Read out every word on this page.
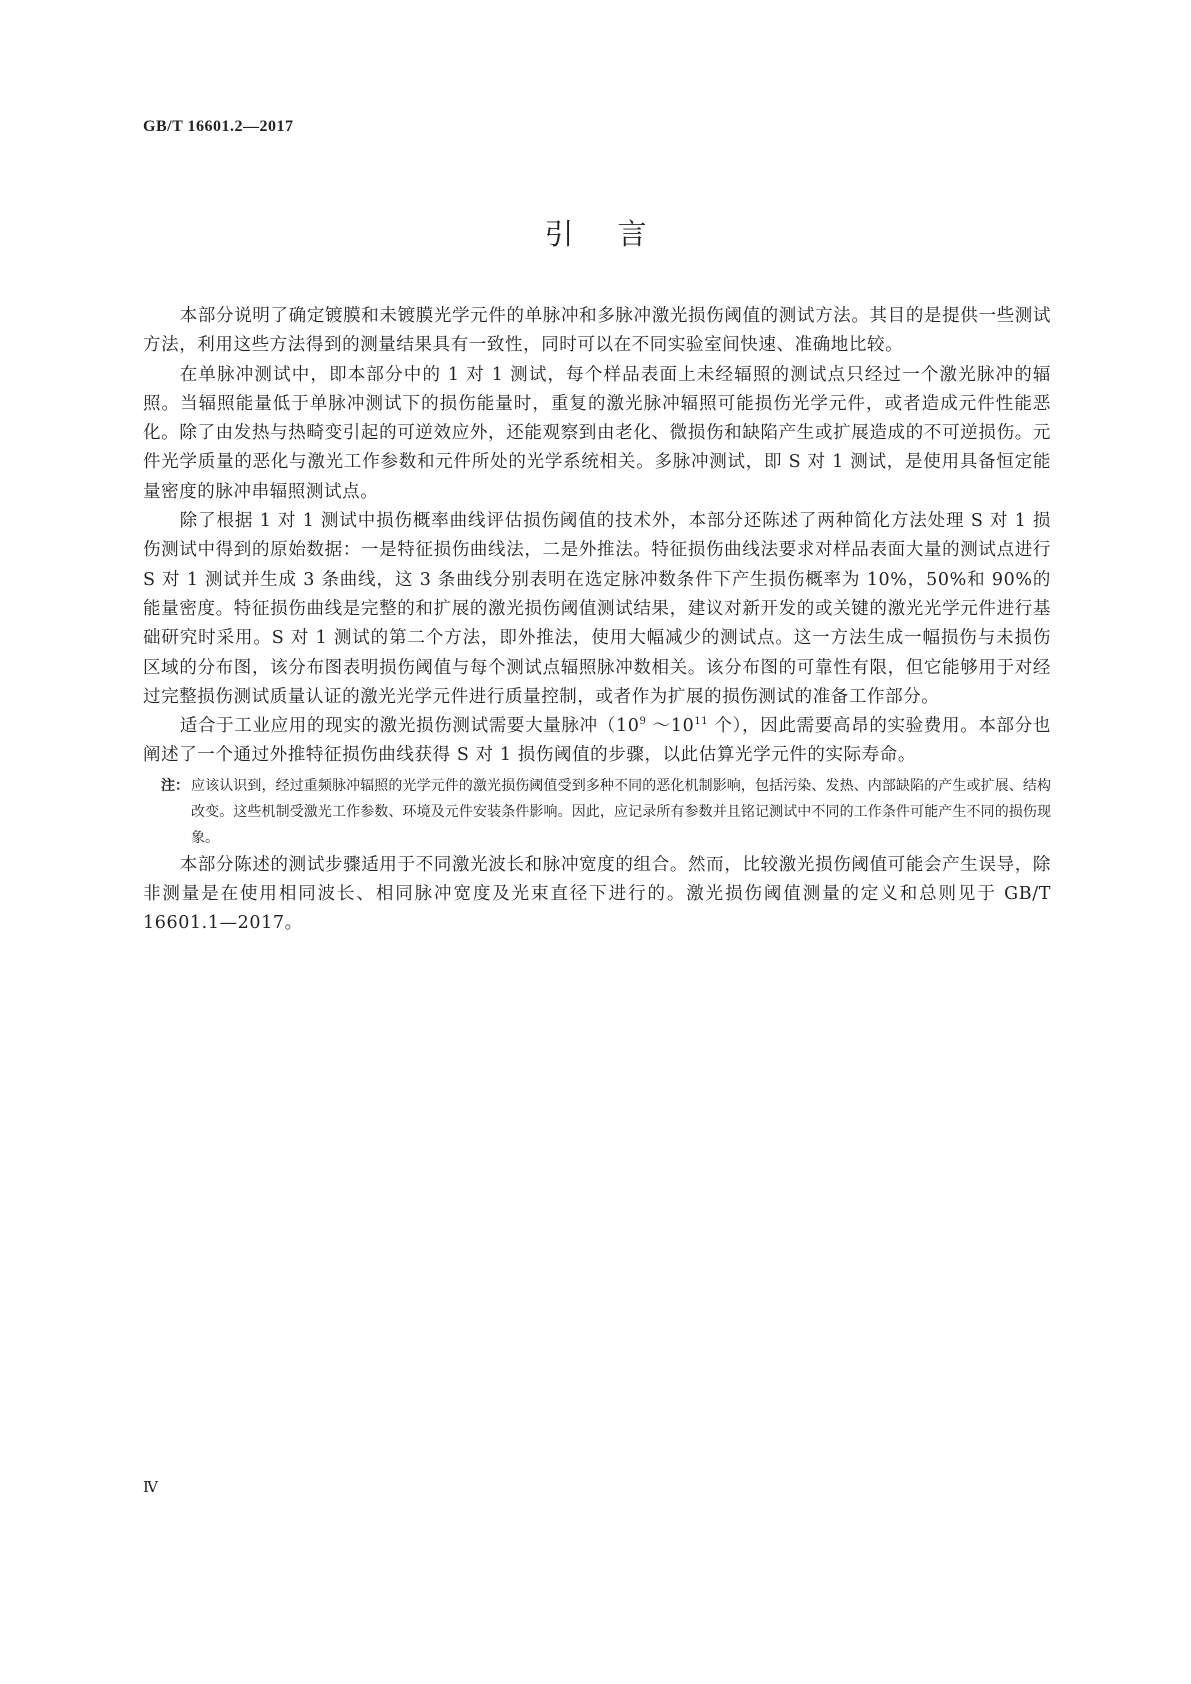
GB/T 16601.2—2017
引言

本部分说明了确定镀膜和未镀膜光学元件的单脉冲和多脉冲激光损伤阈值的测试方法。其目的是提供一些测试方法，利用这些方法得到的测量结果具有一致性，同时可以在不同实验室间快速、准确地比较。

在单脉冲测试中，即本部分中的 1 对 1 测试，每个样品表面上未经辐照的测试点只经过一个激光脉冲的辐照。当辐照能量低于单脉冲测试下的损伤能量时，重复的激光脉冲辐照可能损伤光学元件，或者造成元件性能恶化。除了由发热与热畸变引起的可逆效应外，还能观察到由老化、微损伤和缺陷产生或扩展造成的不可逆损伤。元件光学质量的恶化与激光工作参数和元件所处的光学系统相关。多脉冲测试，即 S 对 1 测试，是使用具备恒定能量密度的脉冲串辐照测试点。

除了根据 1 对 1 测试中损伤概率曲线评估损伤阈值的技术外，本部分还陈述了两种简化方法处理 S 对 1 损伤测试中得到的原始数据：一是特征损伤曲线法，二是外推法。特征损伤曲线法要求对样品表面大量的测试点进行 S 对 1 测试并生成 3 条曲线，这 3 条曲线分别表明在选定脉冲数条件下产生损伤概率为 10%，50%和 90%的能量密度。特征损伤曲线是完整的和扩展的激光损伤阈值测试结果，建议对新开发的或关键的激光光学元件进行基础研究时采用。S 对 1 测试的第二个方法，即外推法，使用大幅减少的测试点。这一方法生成一幅损伤与未损伤区域的分布图，该分布图表明损伤阈值与每个测试点辐照脉冲数相关。该分布图的可靠性有限，但它能够用于对经过完整损伤测试质量认证的激光光学元件进行质量控制，或者作为扩展的损伤测试的准备工作部分。

适合于工业应用的现实的激光损伤测试需要大量脉冲（$10^9$ $\sim 10^{11}$ 个），因此需要高昂的实验费用。本部分也阐述了一个通过外推特征损伤曲线获得 S 对 1 损伤阈值的步骤，以此估算光学元件的实际寿命。

注： 应该认识到，经过重频脉冲辐照的光学元件的激光损伤阈值受到多种不同的恶化机制影响，包括污染、发热、内部缺陷的产生或扩展、结构改变。这些机制受激光工作参数、环境及元件安装条件影响。因此，应记录所有参数并且铭记测试中不同的工作条件可能产生不同的损伤现象。

本部分陈述的测试步骤适用于不同激光波长和脉冲宽度的组合。然而，比较激光损伤阈值可能会产生误导，除非测量是在使用相同波长、相同脉冲宽度及光束直径下进行的。激光损伤阈值测量的定义和总则见于 GB/T 16601.1—2017。

Ⅳ
